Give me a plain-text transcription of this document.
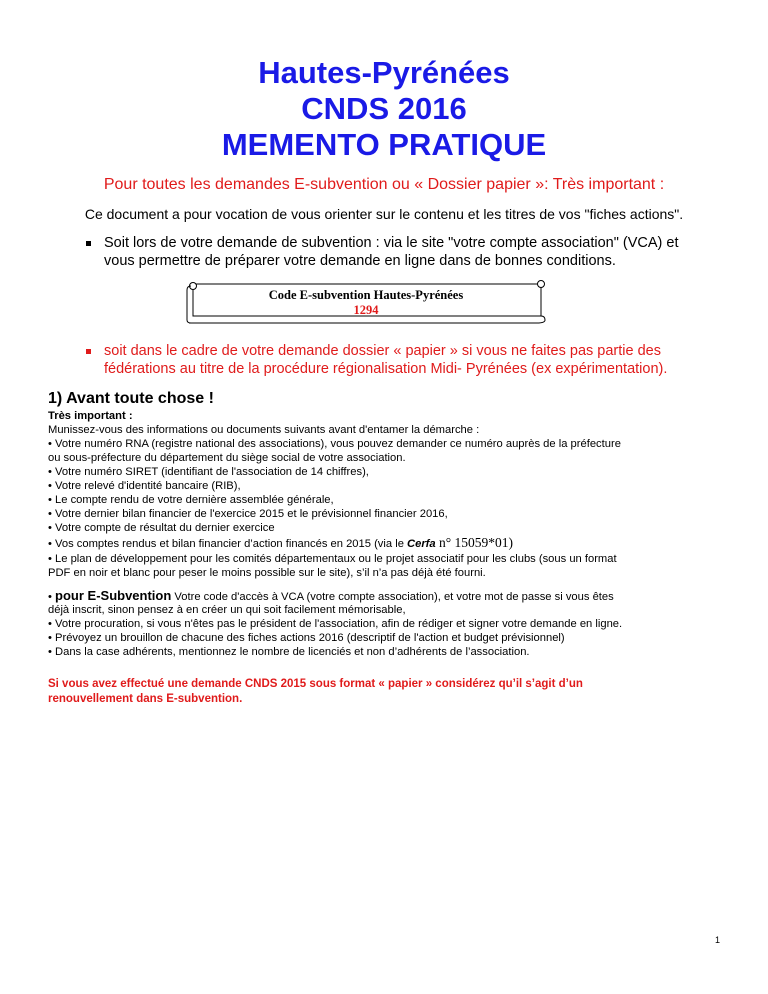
Hautes-Pyrénées
CNDS 2016
MEMENTO PRATIQUE
Pour toutes les demandes E-subvention ou « Dossier papier »: Très important :
Ce document a pour vocation de vous orienter sur le contenu et les titres de vos "fiches actions".
Soit lors de votre demande de subvention : via le site "votre compte association" (VCA) et
vous permettre de préparer votre demande en ligne dans de bonnes conditions.
Code E-subvention Hautes-Pyrénées
1294
soit dans le cadre de votre demande dossier « papier » si vous ne faites pas partie des
fédérations au titre de la procédure régionalisation Midi- Pyrénées (ex expérimentation).
1) Avant toute chose !
Très important :
Munissez-vous des informations ou documents suivants avant d'entamer la démarche :
• Votre numéro RNA (registre national des associations), vous pouvez demander ce numéro auprès de la préfecture
ou sous-préfecture du département du siège social de votre association.
• Votre numéro SIRET (identifiant de l'association de 14 chiffres),
• Votre relevé d'identité bancaire (RIB),
• Le compte rendu de votre dernière assemblée générale,
• Votre dernier bilan financier de l'exercice 2015 et le prévisionnel financier 2016,
• Votre compte de résultat du dernier exercice
• Vos comptes rendus et bilan financier d’action financés en 2015 (via le Cerfa n° 15059*01)
• Le plan de développement pour les comités départementaux ou le projet associatif pour les clubs (sous un format
PDF en noir et blanc pour peser le moins possible sur le site), s’il n’a pas déjà été fourni.
• pour E-Subvention Votre code d'accès à VCA (votre compte association), et votre mot de passe si vous êtes
déjà inscrit, sinon pensez à en créer un qui soit facilement mémorisable,
• Votre procuration, si vous n'êtes pas le président de l'association, afin de rédiger et signer votre demande en ligne.
• Prévoyez un brouillon de chacune des fiches actions 2016 (descriptif de l'action et budget prévisionnel)
• Dans la case adhérents, mentionnez le nombre de licenciés et non d’adhérents de l’association.
Si vous avez effectué une demande CNDS 2015 sous format « papier » considérez qu’il s’agit d’un
renouvellement dans E-subvention.
1
